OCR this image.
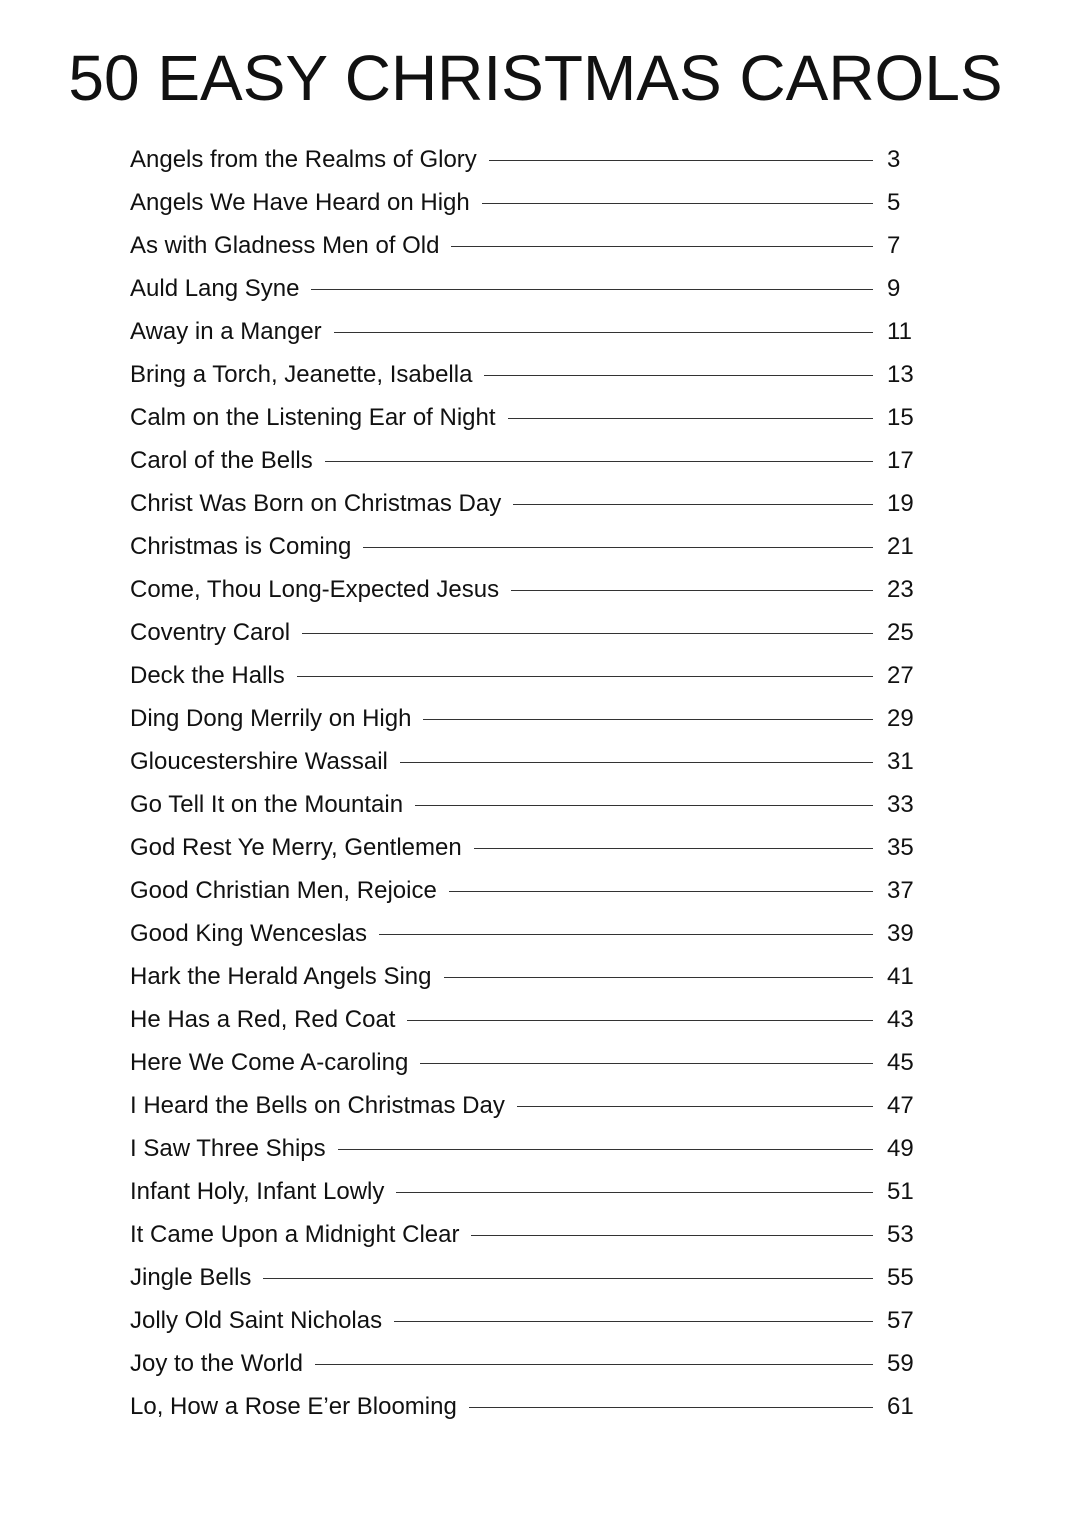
50 EASY CHRISTMAS CAROLS
Angels from the Realms of Glory	3
Angels We Have Heard on High	5
As with Gladness Men of Old	7
Auld Lang Syne	9
Away in a Manger	11
Bring a Torch, Jeanette, Isabella	13
Calm on the Listening Ear of Night	15
Carol of the Bells	17
Christ Was Born on Christmas Day	19
Christmas is Coming	21
Come, Thou Long-Expected Jesus	23
Coventry Carol	25
Deck the Halls	27
Ding Dong Merrily on High	29
Gloucestershire Wassail	31
Go Tell It on the Mountain	33
God Rest Ye Merry, Gentlemen	35
Good Christian Men, Rejoice	37
Good King Wenceslas	39
Hark the Herald Angels Sing	41
He Has a Red, Red Coat	43
Here We Come A-caroling	45
I Heard the Bells on Christmas Day	47
I Saw Three Ships	49
Infant Holy, Infant Lowly	51
It Came Upon a Midnight Clear	53
Jingle Bells	55
Jolly Old Saint Nicholas	57
Joy to the World	59
Lo, How a Rose E’er Blooming	61
